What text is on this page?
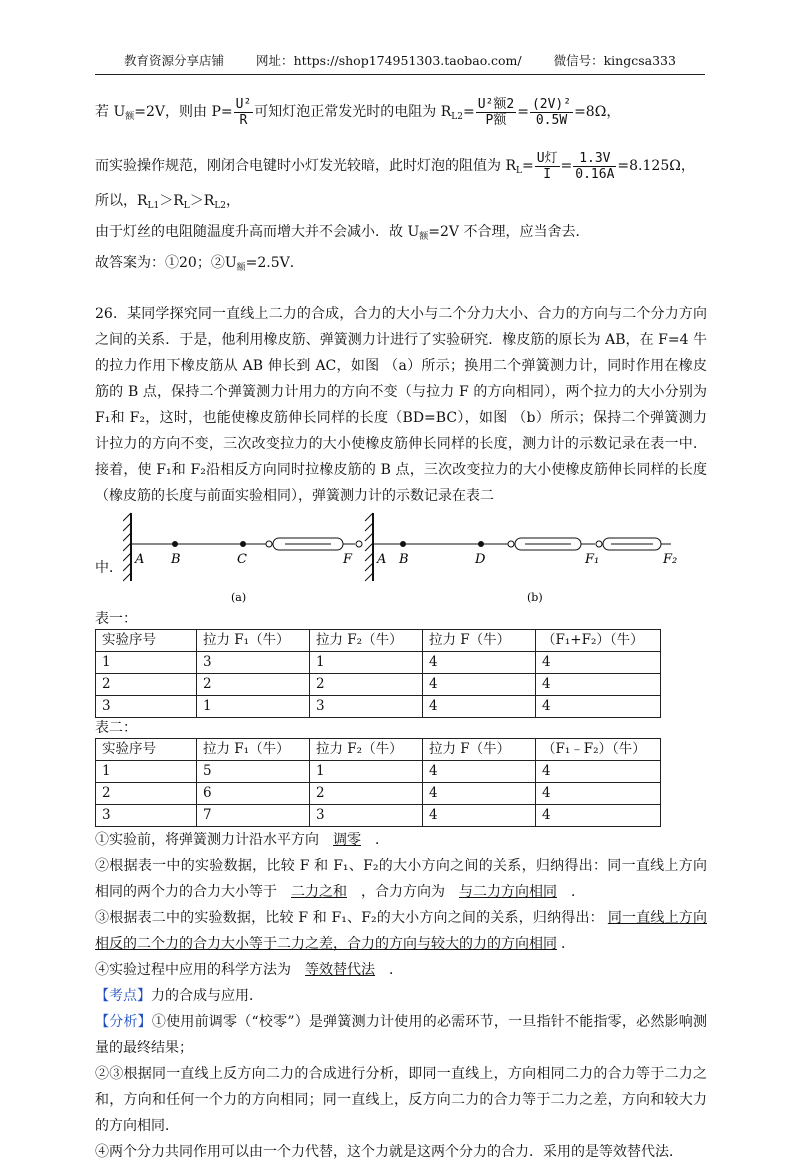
教育资源分享店铺	网址：https://shop174951303.taobao.com/	微信号：kingcsa333
若 $U_额=2V$，则由 $P= \frac{\text{U²}}{R}$ 可知灯泡正常发光时的电阻为 $R_{L2}= \frac{\text{U²额2}}{\text{P额}} = \frac{\text{(2V)²}}{0.5W} =8\Omega$，
而实验操作规范，刚闭合电键时小灯发光较暗，此时灯泡的阻值为 $R_L= \frac{\text{U灯}}{I} = \frac{1.3V}{0.16A} =8.125\Omega$，
所以，$R_{L1}>R_L>R_{L2}$，
由于灯丝的电阻随温度升高而增大并不会减小．故 $U_额=2V$ 不合理，应当舍去．
故答案为：①20；$②U_额=2.5V$．
26．某同学探究同一直线上二力的合成，合力的大小与二个分力大小、合力的方向与二个分力方向之间的关系．于是，他利用橡皮筋、弹簧测力计进行了实验研究．橡皮筋的原长为 AB，在 F=4 牛的拉力作用下橡皮筋从 AB 伸长到 AC，如图 （a）所示；换用二个弹簧测力计，同时作用在橡皮筋的 B 点，保持二个弹簧测力计用力的方向不变（与拉力 F 的方向相同），两个拉力的大小分别为 F₁和 F₂，这时，也能使橡皮筋伸长同样的长度（BD=BC），如图 （b）所示；保持二个弹簧测力计拉力的方向不变，三次改变拉力的大小使橡皮筋伸长同样的长度，测力计的示数记录在表一中．接着，使 F₁和 F₂沿相反方向同时拉橡皮筋的 B 点，三次改变拉力的大小使橡皮筋伸长同样的长度（橡皮筋的长度与前面实验相同），弹簧测力计的示数记录在表二
中．
A B	C	F
(a)
A B	D	F₁	F₂
(b)
表一：
实验序号	拉力 F₁（牛）	拉力 F₂（牛）	拉力 F（牛）	（F₁+F₂）（牛）
1	3	1	4	4
2	2	2	4	4
3	1	3	4	4
表二：
实验序号	拉力 F₁（牛）	拉力 F₂（牛）	拉力 F（牛）	（F₁﹣F₂）（牛）
1	5	1	4	4
2	6	2	4	4
3	7	3	4	4
①实验前，将弹簧测力计沿水平方向 调零 ．
②根据表一中的实验数据，比较 F 和 F₁、F₂的大小方向之间的关系，归纳得出：同一直线上方向相同的两个力的合力大小等于 二力之和 ，合力方向为 与二力方向相同 ．
③根据表二中的实验数据，比较 F 和 F₁、F₂的大小方向之间的关系，归纳得出： 同一直线上方向相反的二个力的合力大小等于二力之差，合力的方向与较大的力的方向相同 ．
④实验过程中应用的科学方法为 等效替代法 ．
【考点】力的合成与应用．
【分析】①使用前调零（“校零”）是弹簧测力计使用的必需环节，一旦指针不能指零，必然影响测量的最终结果；
②③根据同一直线上反方向二力的合成进行分析，即同一直线上，方向相同二力的合力等于二力之和，方向和任何一个力的方向相同；同一直线上，反方向二力的合力等于二力之差，方向和较大力的方向相同．
④两个分力共同作用可以由一个力代替，这个力就是这两个分力的合力．采用的是等效替代法．
